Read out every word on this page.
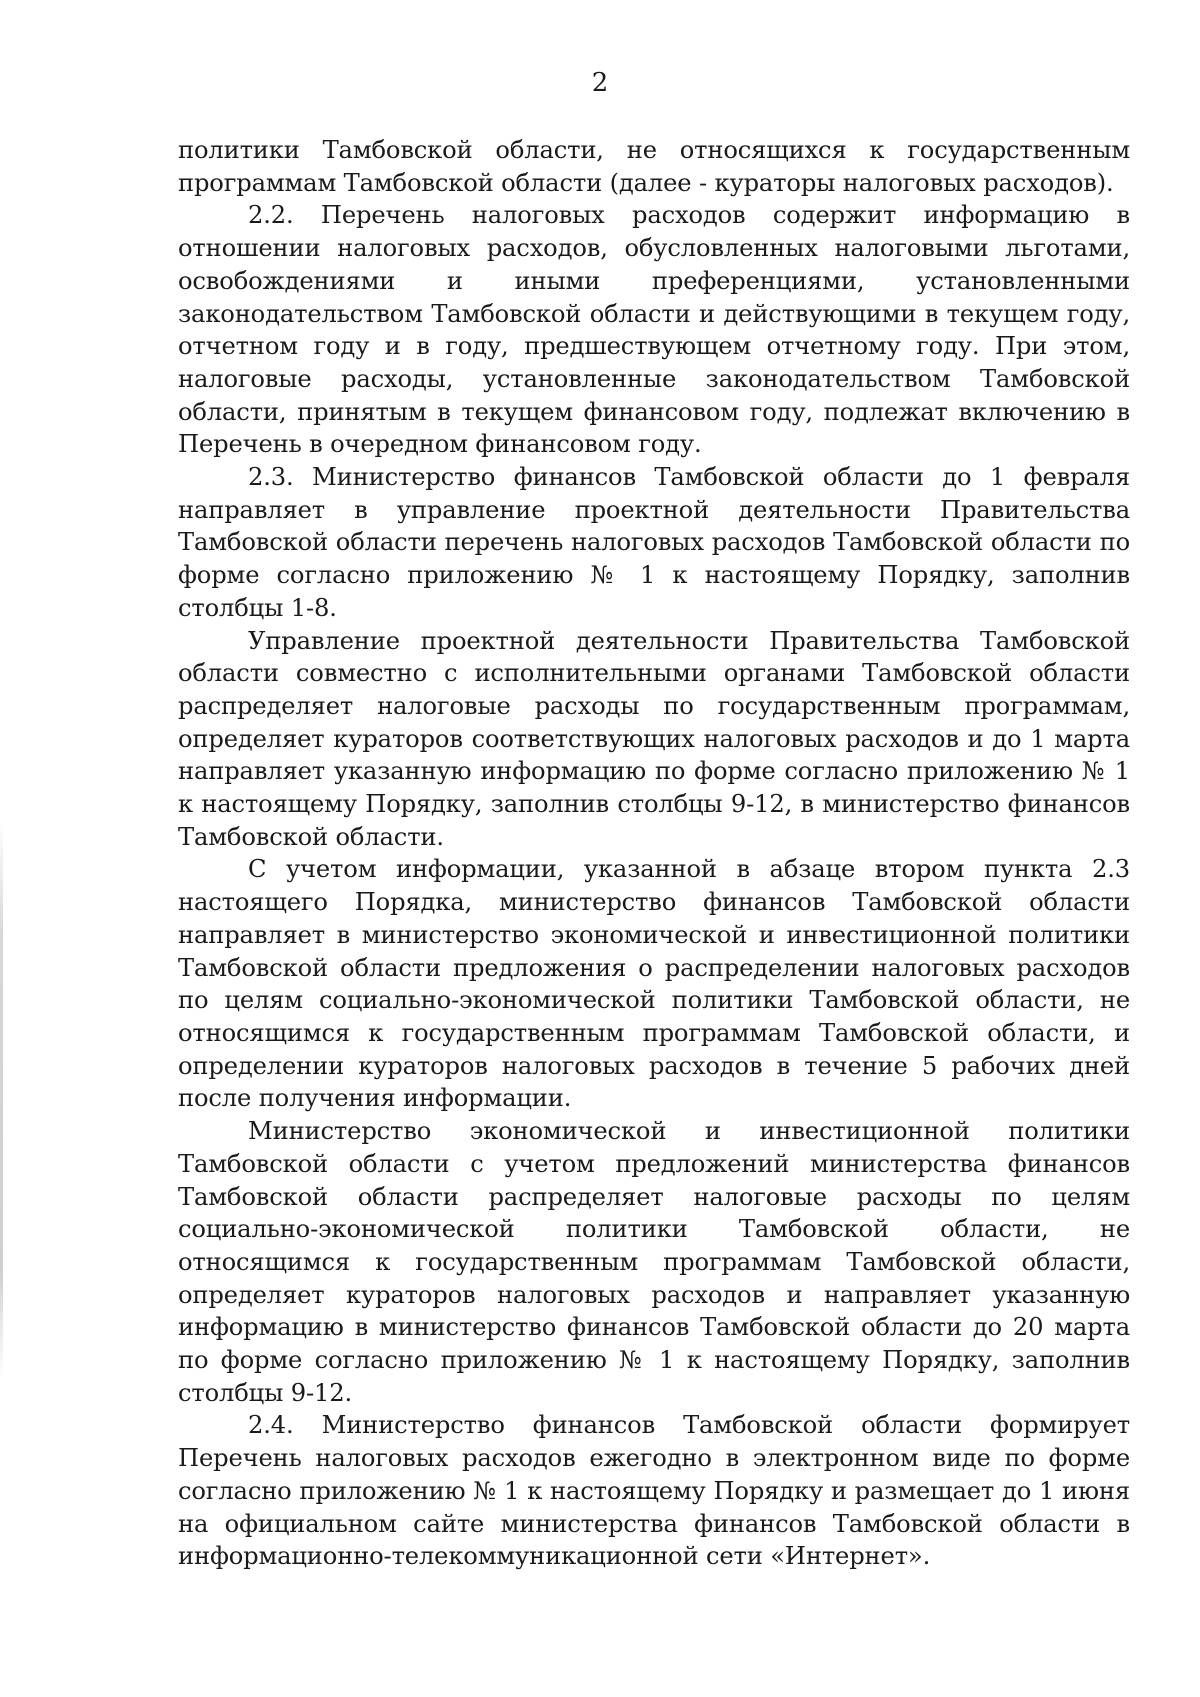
2

политики Тамбовской области, не относящихся к государственным программам Тамбовской области (далее - кураторы налоговых расходов).

2.2. Перечень налоговых расходов содержит информацию в отношении налоговых расходов, обусловленных налоговыми льготами, освобождениями и иными преференциями, установленными законодательством Тамбовской области и действующими в текущем году, отчетном году и в году, предшествующем отчетному году. При этом, налоговые расходы, установленные законодательством Тамбовской области, принятым в текущем финансовом году, подлежат включению в Перечень в очередном финансовом году.

2.3. Министерство финансов Тамбовской области до 1 февраля направляет в управление проектной деятельности Правительства Тамбовской области перечень налоговых расходов Тамбовской области по форме согласно приложению № 1 к настоящему Порядку, заполнив столбцы 1-8.

Управление проектной деятельности Правительства Тамбовской области совместно с исполнительными органами Тамбовской области распределяет налоговые расходы по государственным программам, определяет кураторов соответствующих налоговых расходов и до 1 марта направляет указанную информацию по форме согласно приложению № 1 к настоящему Порядку, заполнив столбцы 9-12, в министерство финансов Тамбовской области.

С учетом информации, указанной в абзаце втором пункта 2.3 настоящего Порядка, министерство финансов Тамбовской области направляет в министерство экономической и инвестиционной политики Тамбовской области предложения о распределении налоговых расходов по целям социально-экономической политики Тамбовской области, не относящимся к государственным программам Тамбовской области, и определении кураторов налоговых расходов в течение 5 рабочих дней после получения информации.

Министерство экономической и инвестиционной политики Тамбовской области с учетом предложений министерства финансов Тамбовской области распределяет налоговые расходы по целям социально-экономической политики Тамбовской области, не относящимся к государственным программам Тамбовской области, определяет кураторов налоговых расходов и направляет указанную информацию в министерство финансов Тамбовской области до 20 марта по форме согласно приложению № 1 к настоящему Порядку, заполнив столбцы 9-12.

2.4. Министерство финансов Тамбовской области формирует Перечень налоговых расходов ежегодно в электронном виде по форме согласно приложению № 1 к настоящему Порядку и размещает до 1 июня на официальном сайте министерства финансов Тамбовской области в информационно-телекоммуникационной сети «Интернет».
